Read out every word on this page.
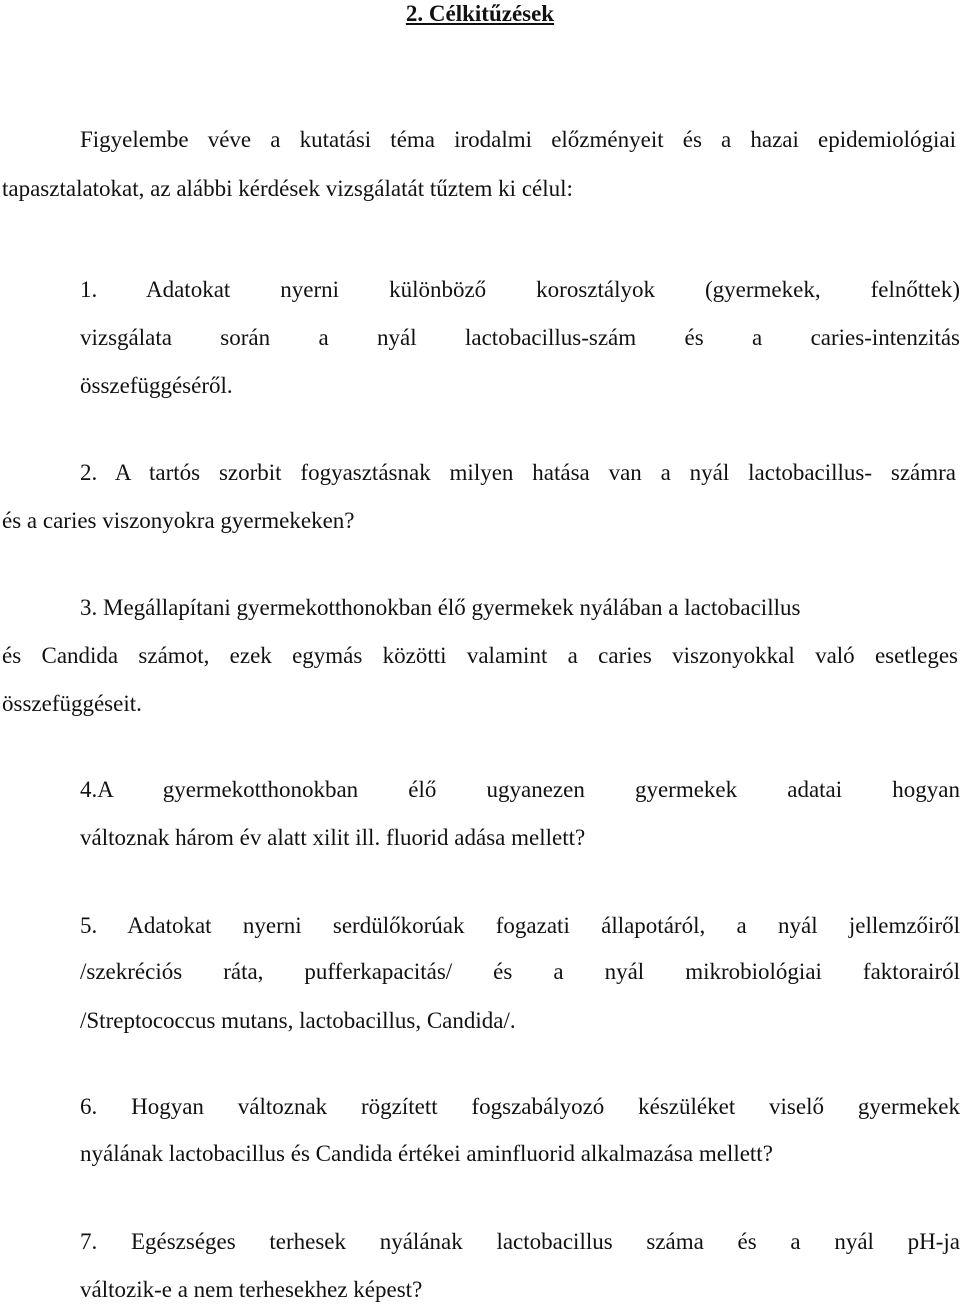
2. Célkitűzések
Figyelembe véve a kutatási téma irodalmi előzményeit és a hazai epidemiológiai
tapasztalatokat, az alábbi kérdések vizsgálatát tűztem ki célul:
1. Adatokat nyerni különböző korosztályok (gyermekek, felnőttek)
vizsgálata során a nyál lactobacillus-szám és a caries-intenzitás
összefüggéséről.
2. A tartós szorbit fogyasztásnak milyen hatása van a nyál lactobacillus- számra
és a caries viszonyokra gyermekeken?
3. Megállapítani gyermekotthonokban élő gyermekek nyálában a lactobacillus
és Candida számot, ezek egymás közötti valamint a caries viszonyokkal való esetleges
összefüggéseit.
4.A gyermekotthonokban élő ugyanezen gyermekek adatai hogyan
változnak három év alatt xilit ill. fluorid adása mellett?
5. Adatokat nyerni serdülőkorúak fogazati állapotáról, a nyál jellemzőiről
/szekréciós ráta, pufferkapacitás/ és a nyál mikrobiológiai faktorairól
/Streptococcus mutans, lactobacillus, Candida/.
6. Hogyan változnak rögzített fogszabályozó készüléket viselő gyermekek
nyálának lactobacillus és Candida értékei aminfluorid alkalmazása mellett?
7. Egészséges terhesek nyálának lactobacillus száma és a nyál pH-ja
változik-e a nem terhesekhez képest?
